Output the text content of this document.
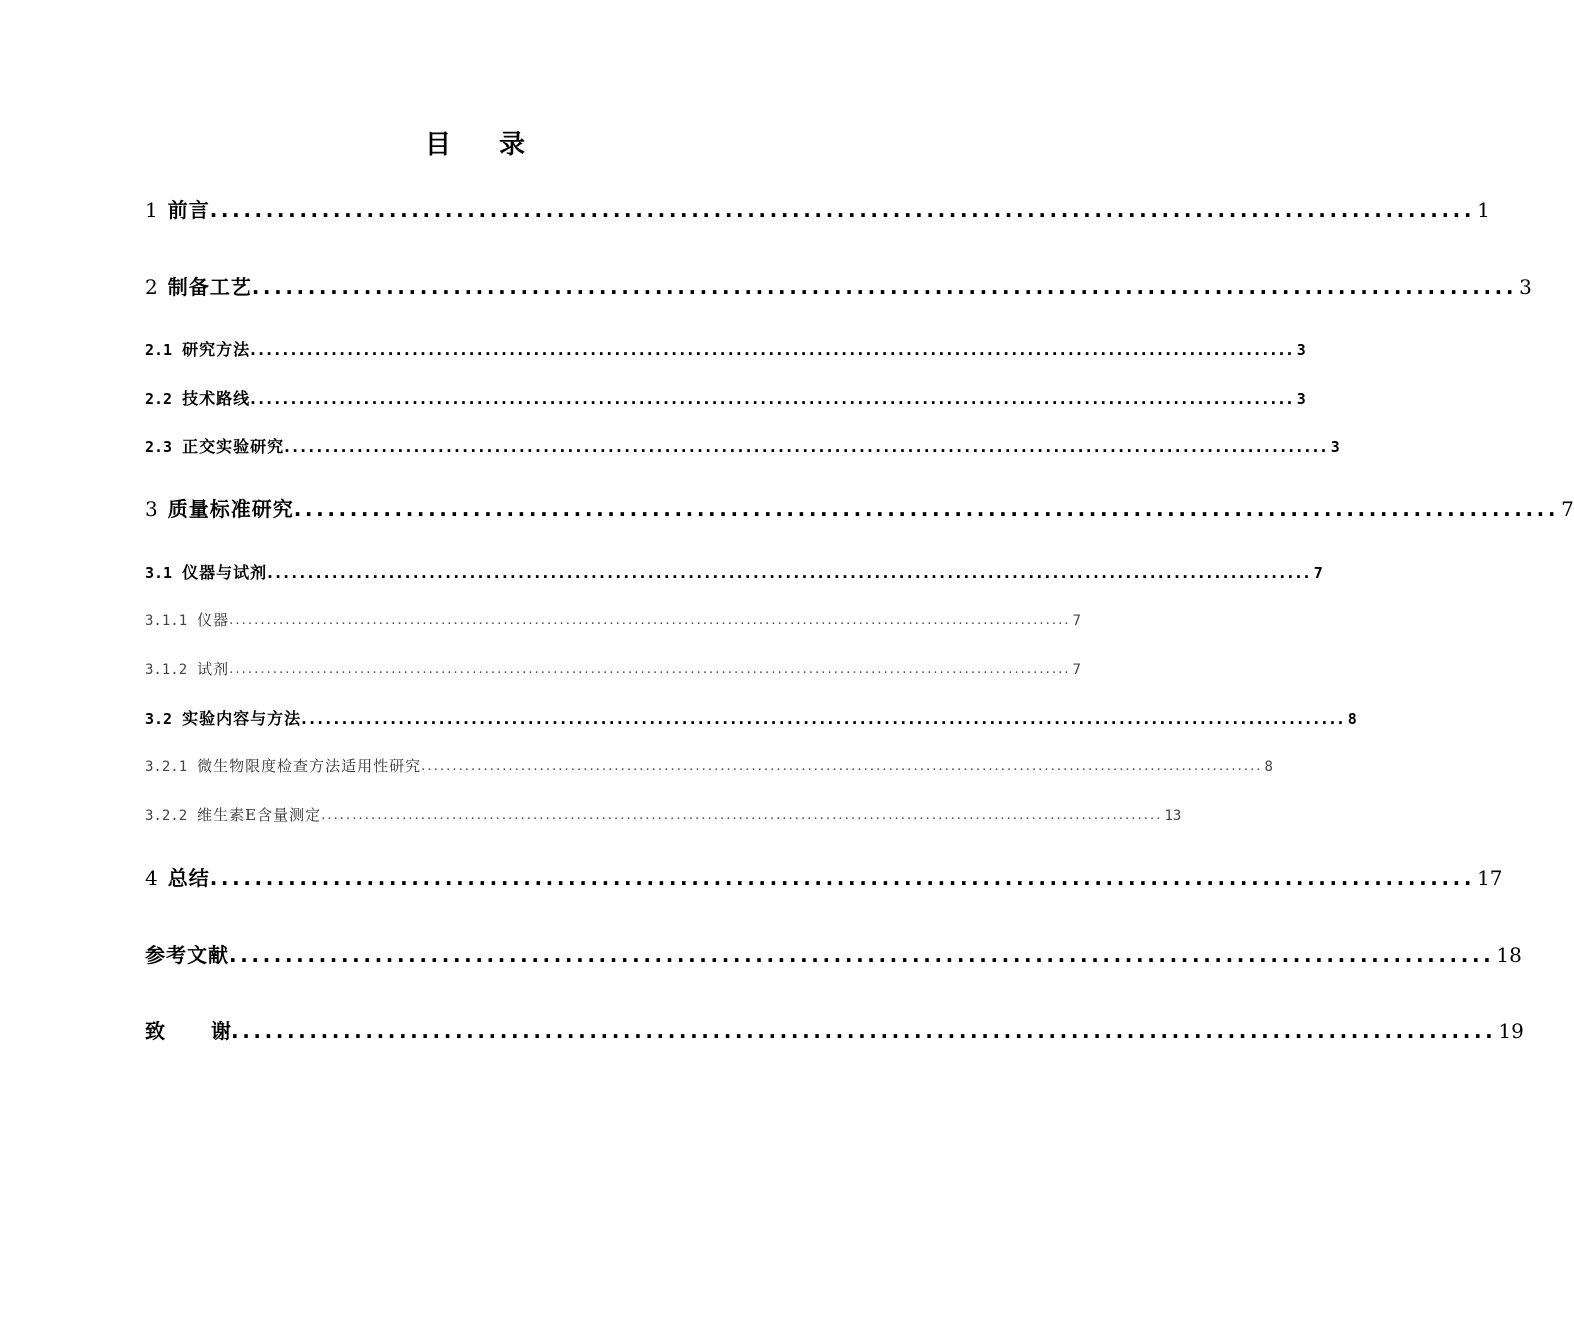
目 录
1 前言 ................................................................................................................. 1
2 制备工艺 ................................................................................................................. 3
2.1 研究方法 ................................................................................................................................. 3
2.2 技术路线 ................................................................................................................................. 3
2.3 正交实验研究 ................................................................................................................................. 3
3 质量标准研究 ................................................................................................................. 7
3.1 仪器与试剂 ................................................................................................................................. 7
3.1.1 仪器 ....................................................................................................................................... 7
3.1.2 试剂 ....................................................................................................................................... 7
3.2 实验内容与方法 ................................................................................................................................. 8
3.2.1 微生物限度检查方法适用性研究 ....................................................................................................................................... 8
3.2.2 维生素E含量测定 ....................................................................................................................................... 13
4 总结 ................................................................................................................. 17
参考文献 ................................................................................................................. 18
致 谢 ................................................................................................................. 19
